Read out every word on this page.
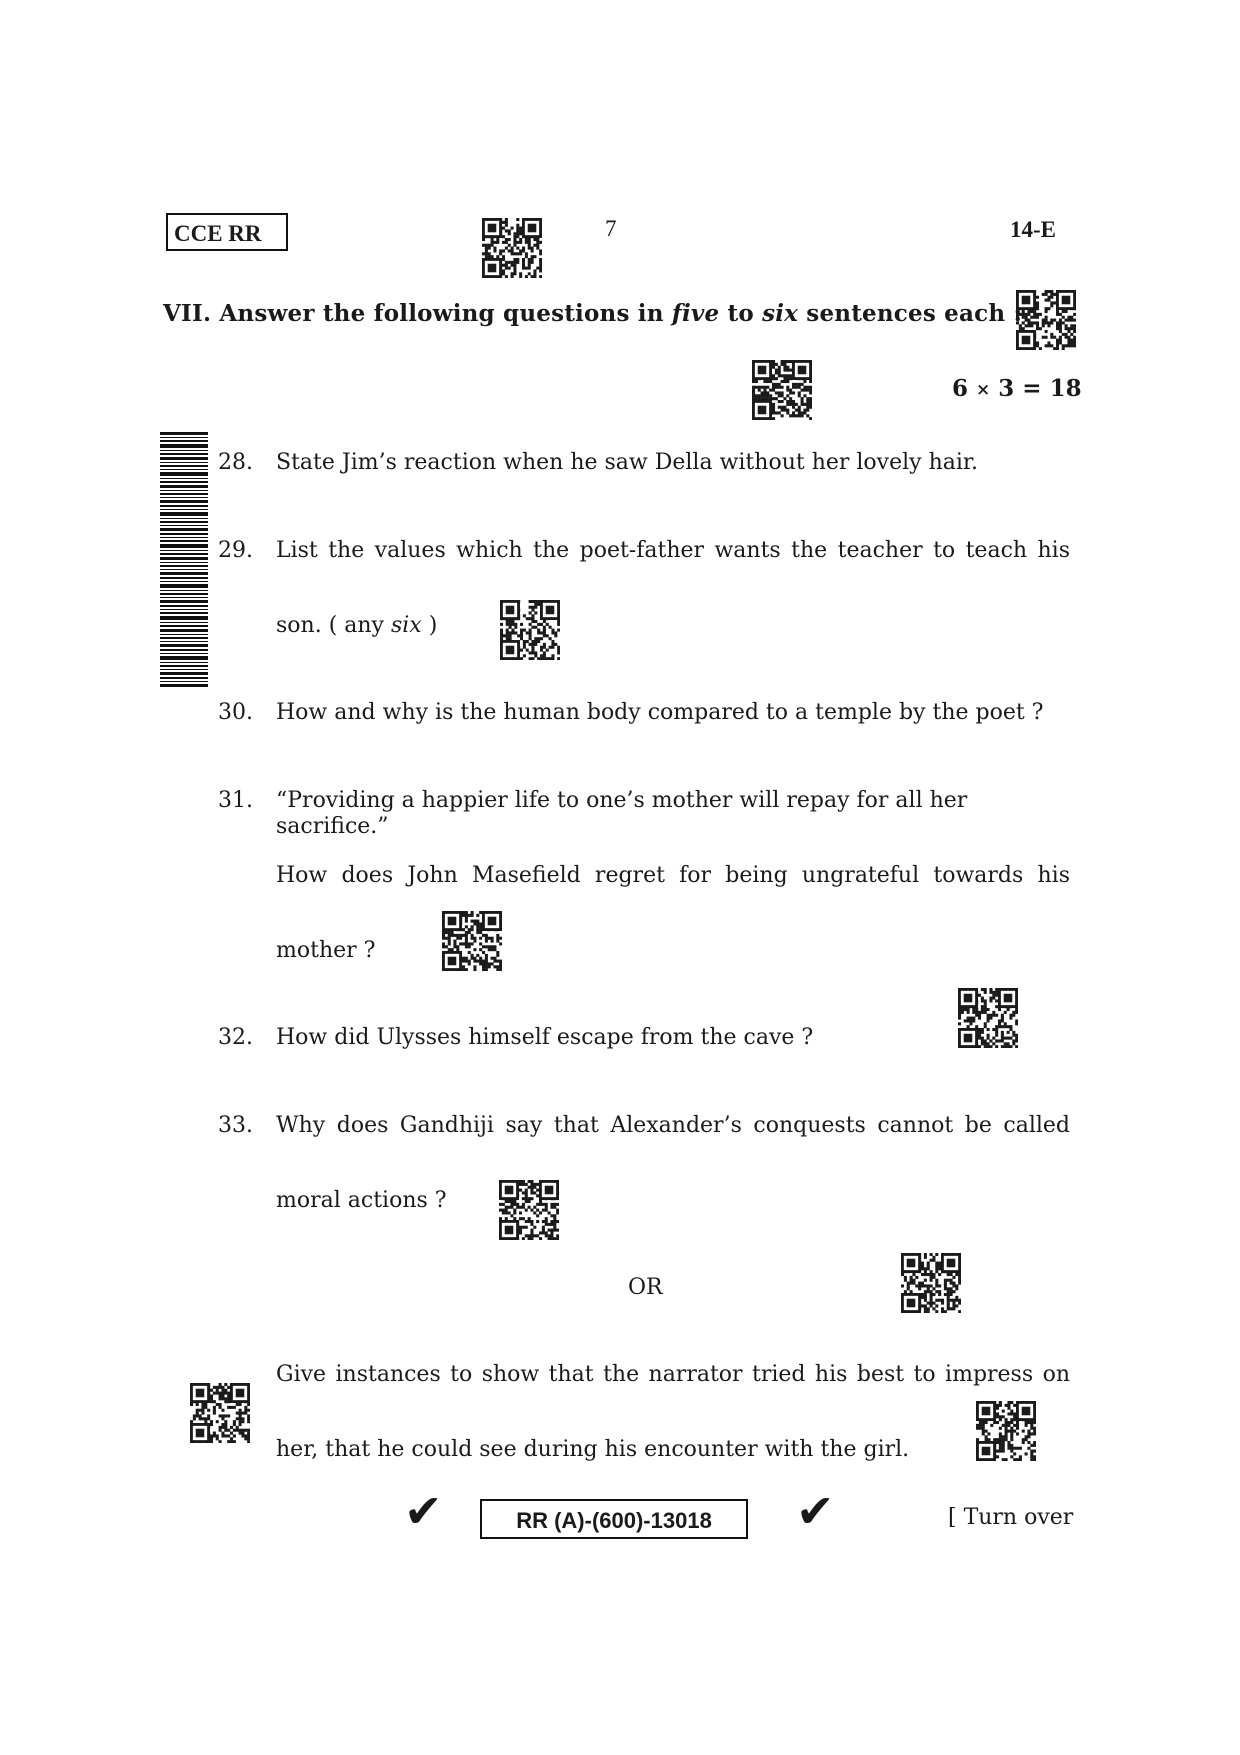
CCE RR	7	14-E
VII. Answer the following questions in five to six sentences each :
6 × 3 = 18
28. State Jim’s reaction when he saw Della without her lovely hair.
29. List the values which the poet-father wants the teacher to teach his
son. ( any six )
30. How and why is the human body compared to a temple by the poet ?
31. “Providing a happier life to one’s mother will repay for all her sacrifice.”
How does John Masefield regret for being ungrateful towards his
mother ?
32. How did Ulysses himself escape from the cave ?
33. Why does Gandhiji say that Alexander’s conquests cannot be called
moral actions ?
OR
Give instances to show that the narrator tried his best to impress on
her, that he could see during his encounter with the girl.
✔	RR (A)-(600)-13018	✔	[ Turn over
